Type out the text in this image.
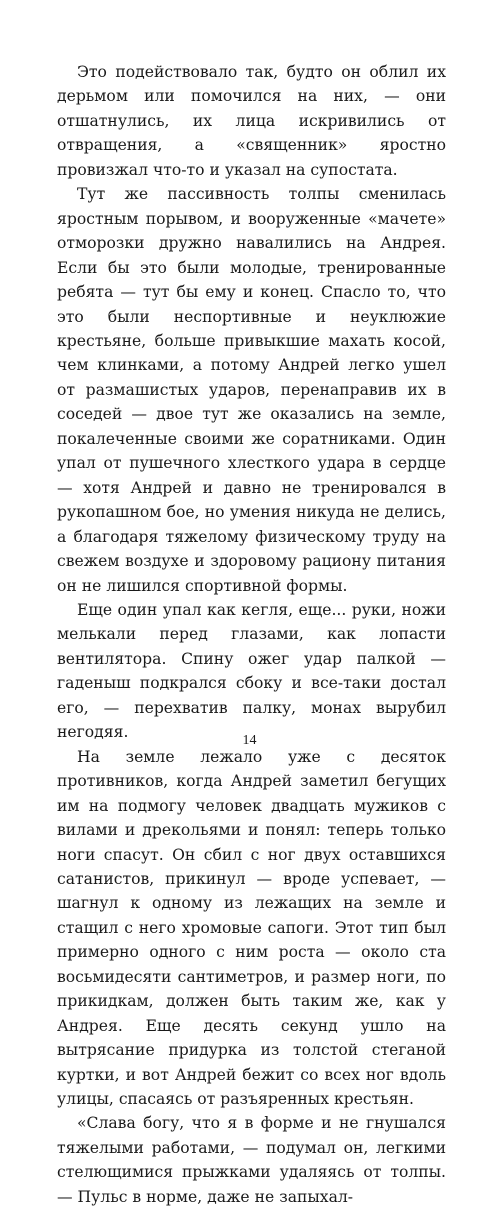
Это подействовало так, будто он облил их дерьмом или помочился на них, — они отшатнулись, их лица искривились от отвращения, а «священник» яростно провизжал что-то и указал на супостата.

Тут же пассивность толпы сменилась яростным порывом, и вооруженные «мачете» отморозки дружно навалились на Андрея. Если бы это были молодые, тренированные ребята — тут бы ему и конец. Спасло то, что это были неспортивные и неуклюжие крестьяне, больше привыкшие махать косой, чем клинками, а потому Андрей легко ушел от размашистых ударов, перенаправив их в соседей — двое тут же оказались на земле, покалеченные своими же соратниками. Один упал от пушечного хлесткого удара в сердце — хотя Андрей и давно не тренировался в рукопашном бое, но умения никуда не делись, а благодаря тяжелому физическому труду на свежем воздухе и здоровому рациону питания он не лишился спортивной формы.

Еще один упал как кегля, еще... руки, ножи мелькали перед глазами, как лопасти вентилятора. Спину ожег удар палкой — гаденыш подкрался сбоку и все-таки достал его, — перехватив палку, монах вырубил негодяя.

На земле лежало уже с десяток противников, когда Андрей заметил бегущих им на подмогу человек двадцать мужиков с вилами и дрекольями и понял: теперь только ноги спасут. Он сбил с ног двух оставшихся сатанистов, прикинул — вроде успевает, — шагнул к одному из лежащих на земле и стащил с него хромовые сапоги. Этот тип был примерно одного с ним роста — около ста восьмидесяти сантиметров, и размер ноги, по прикидкам, должен быть таким же, как у Андрея. Еще десять секунд ушло на вытрясание придурка из толстой стеганой куртки, и вот Андрей бежит со всех ног вдоль улицы, спасаясь от разъяренных крестьян.

«Слава богу, что я в форме и не гнушался тяжелыми работами, — подумал он, легкими стелющимися прыжками удаляясь от толпы. — Пульс в норме, даже не запыхал-

14
